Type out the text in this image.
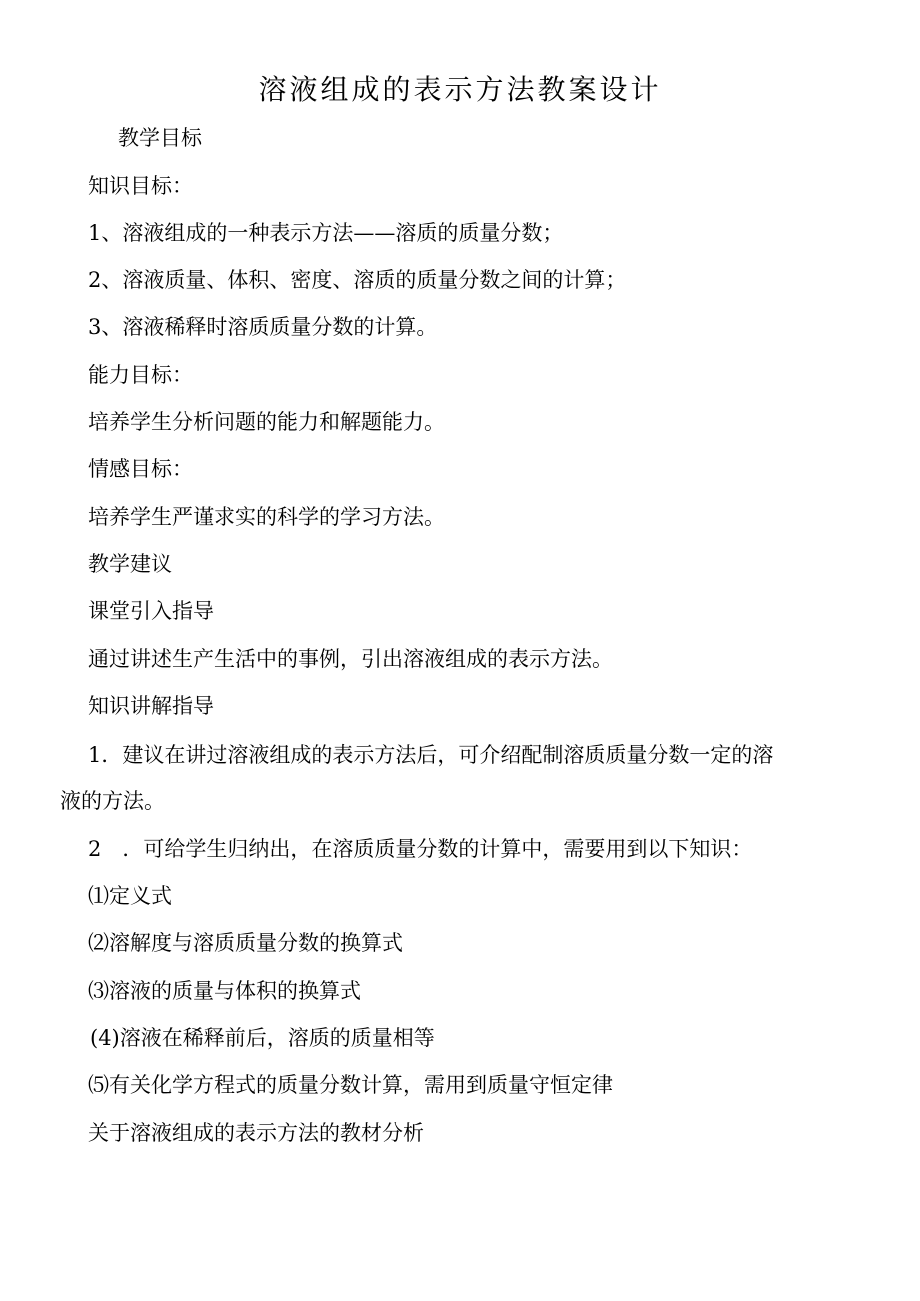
溶液组成的表示方法教案设计
教学目标
知识目标：
1、溶液组成的一种表示方法——溶质的质量分数；
2、溶液质量、体积、密度、溶质的质量分数之间的计算；
3、溶液稀释时溶质质量分数的计算。
能力目标：
培养学生分析问题的能力和解题能力。
情感目标：
培养学生严谨求实的科学的学习方法。
教学建议
课堂引入指导
通过讲述生产生活中的事例，引出溶液组成的表示方法。
知识讲解指导
1．建议在讲过溶液组成的表示方法后，可介绍配制溶质质量分数一定的溶
液的方法。
2　．可给学生归纳出，在溶质质量分数的计算中，需要用到以下知识：
⑴定义式
⑵溶解度与溶质质量分数的换算式
⑶溶液的质量与体积的换算式
(4)溶液在稀释前后，溶质的质量相等
⑸有关化学方程式的质量分数计算，需用到质量守恒定律
关于溶液组成的表示方法的教材分析
